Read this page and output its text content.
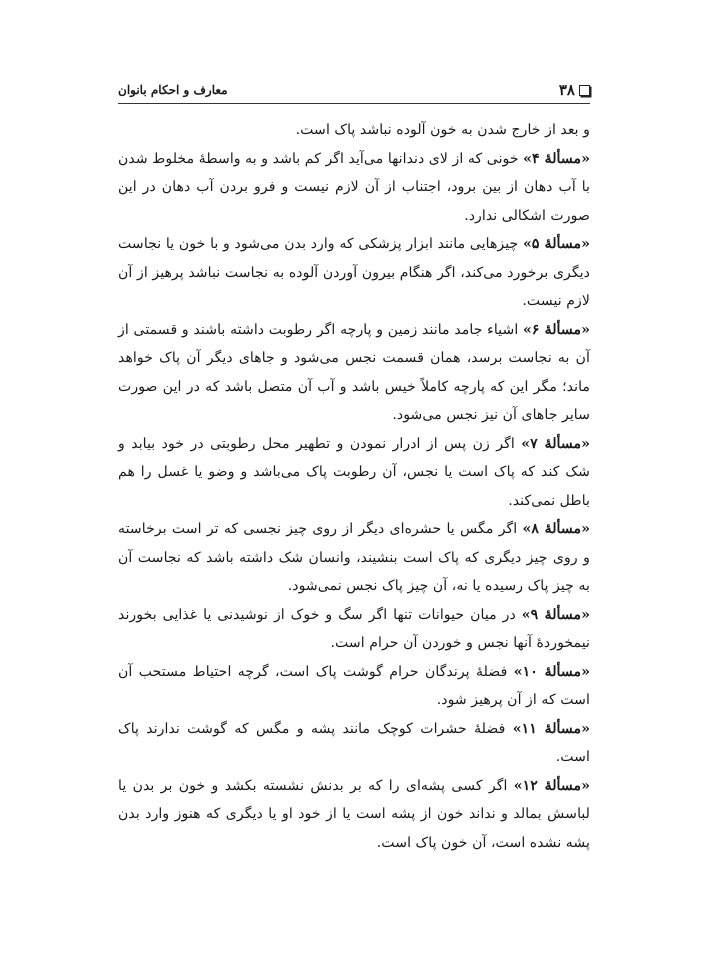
۳۸
معارف و احکام بانوان

و بعد از خارج شدن به خون آلوده نباشد پاک است.

«مسألۀ ۴» خونی که از لای دندانها می‌آید اگر کم باشد و به واسطۀ مخلوط شدن با آب دهان از بین برود، اجتناب از آن لازم نیست و فرو بردن آب دهان در این صورت اشکالی ندارد.

«مسألۀ ۵» چیزهایی مانند ابزار پزشکی که وارد بدن می‌شود و با خون یا نجاست دیگری برخورد می‌کند، اگر هنگام بیرون آوردن آلوده به نجاست نباشد پرهیز از آن لازم نیست.

«مسألۀ ۶» اشیاء جامد مانند زمین و پارچه اگر رطوبت داشته باشند و قسمتی از آن به نجاست برسد، همان قسمت نجس می‌شود و جاهای دیگر آن پاک خواهد ماند؛ مگر این که پارچه کاملاً خیس باشد و آب آن متصل باشد که در این صورت سایر جاهای آن نیز نجس می‌شود.

«مسألۀ ۷» اگر زن پس از ادرار نمودن و تطهیر محل رطوبتی در خود بیابد و شک کند که پاک است یا نجس، آن رطوبت پاک می‌باشد و وضو یا غسل را هم باطل نمی‌کند.

«مسألۀ ۸» اگر مگس یا حشره‌ای دیگر از روی چیز نجسی که تر است برخاسته و روی چیز دیگری که پاک است بنشیند، وانسان شک داشته باشد که نجاست آن به چیز پاک رسیده یا نه، آن چیز پاک نجس نمی‌شود.

«مسألۀ ۹» در میان حیوانات تنها اگر سگ و خوک از نوشیدنی یا غذایی بخورند نیمخوردۀ آنها نجس و خوردن آن حرام است.

«مسألۀ ۱۰» فضلۀ پرندگان حرام گوشت پاک است، گرچه احتیاط مستحب آن است که از آن پرهیز شود.

«مسألۀ ۱۱» فضلۀ حشرات کوچک مانند پشه و مگس که گوشت ندارند پاک است.

«مسألۀ ۱۲» اگر کسی پشه‌ای را که بر بدنش نشسته بکشد و خون بر بدن یا لباسش بمالد و نداند خون از پشه است یا از خود او یا دیگری که هنوز وارد بدن پشه نشده است، آن خون پاک است.
